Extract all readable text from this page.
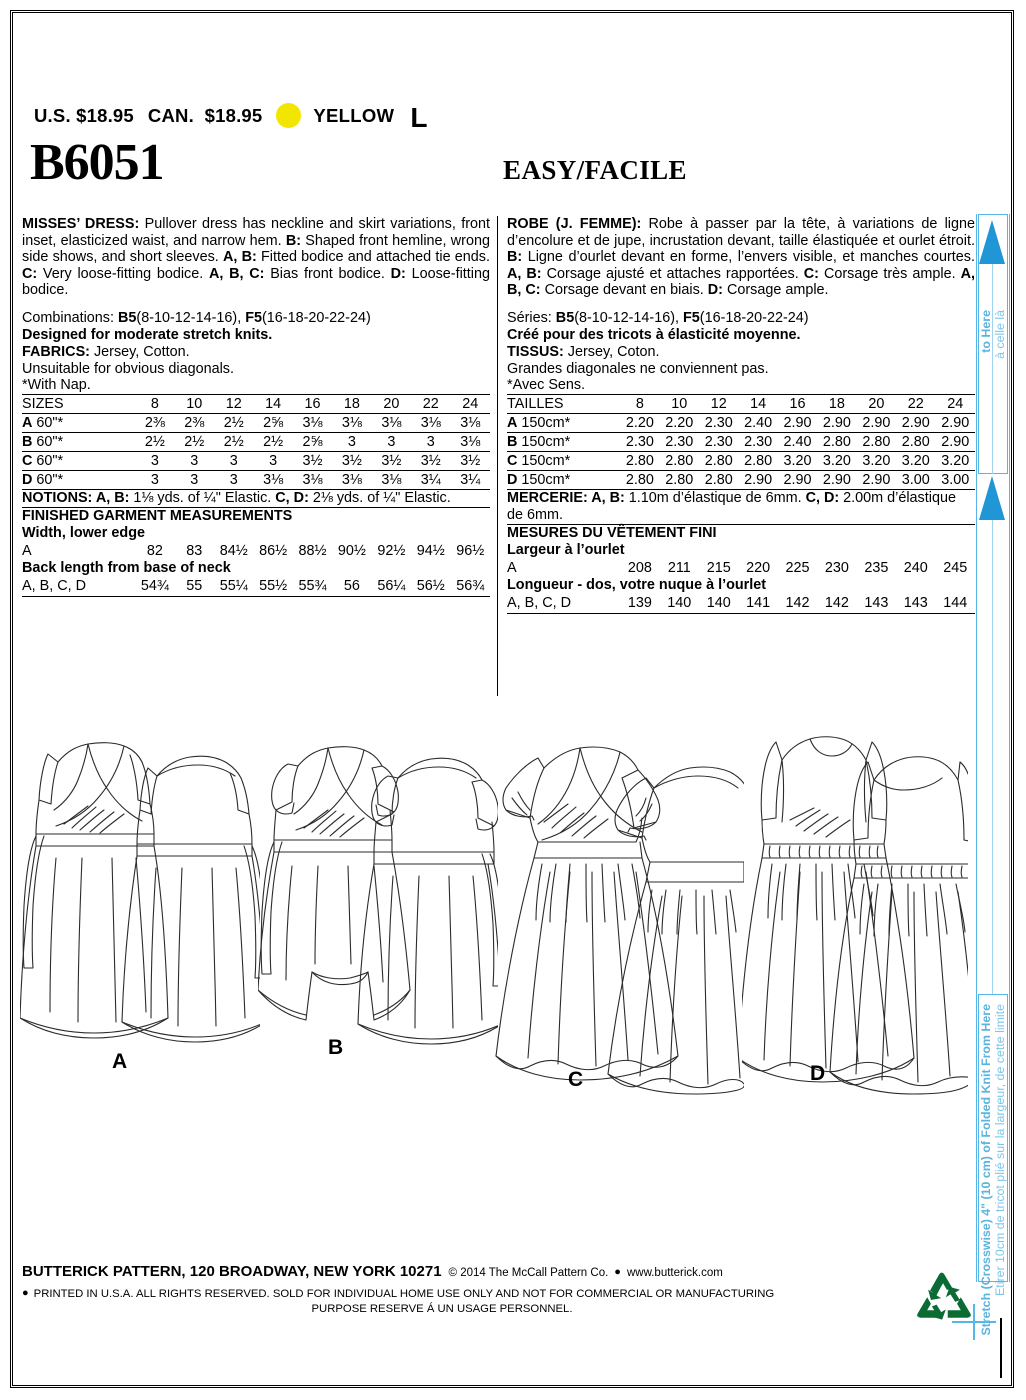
U.S. $18.95 CAN.  $18.95	YELLOW L
B6051	EASY/FACILE
MISSES’ DRESS: Pullover dress has neckline and skirt variations, front inset, elasticized waist, and narrow hem. B: Shaped front hemline, wrong side shows, and short sleeves. A, B: Fitted bodice and attached tie ends. C: Very loose-fitting bodice. A, B, C: Bias front bodice. D: Loose-fitting bodice.
Combinations: B5(8-10-12-14-16), F5(16-18-20-22-24)
Designed for moderate stretch knits.
FABRICS: Jersey, Cotton.
Unsuitable for obvious diagonals.
*With Nap.
SIZES	8	10	12	14	16	18	20	22	24
A 60"*	2⅜	2⅜	2½	2⅝	3⅛	3⅛	3⅛	3⅛	3⅛
B 60"*	2½	2½	2½	2½	2⅝	3	3	3	3⅛
C 60"*	3	3	3	3	3½	3½	3½	3½	3½
D 60"*	3	3	3	3⅛	3⅛	3⅛	3⅛	3¼	3¼
NOTIONS: A, B: 1⅛ yds. of ¼" Elastic. C, D: 2⅛ yds. of ¼" Elastic.
FINISHED GARMENT MEASUREMENTS
Width, lower edge
A	82	83	84½	86½	88½	90½	92½	94½	96½
Back length from base of neck
A, B, C, D	54¾	55	55¼	55½	55¾	56	56¼	56½	56¾

ROBE (J. FEMME): Robe à passer par la tête, à variations de ligne d’encolure et de jupe, incrustation devant, taille élastiquée et ourlet étroit. B: Ligne d’ourlet devant en forme, l’envers visible, et manches courtes. A, B: Corsage ajusté et attaches rapportées. C: Corsage très ample. A, B, C: Corsage devant en biais. D: Corsage ample.
Séries: B5(8-10-12-14-16), F5(16-18-20-22-24)
Créé pour des tricots à élasticité moyenne.
TISSUS: Jersey, Coton.
Grandes diagonales ne conviennent pas.
*Avec Sens.
TAILLES	8	10	12	14	16	18	20	22	24
A 150cm*	2.20	2.20	2.30	2.40	2.90	2.90	2.90	2.90	2.90
B 150cm*	2.30	2.30	2.30	2.30	2.40	2.80	2.80	2.80	2.90
C 150cm*	2.80	2.80	2.80	2.80	3.20	3.20	3.20	3.20	3.20
D 150cm*	2.80	2.80	2.80	2.90	2.90	2.90	2.90	3.00	3.00
MERCERIE: A, B: 1.10m d’élastique de 6mm. C, D: 2.00m d’élastique de 6mm.
MESURES DU VÊTEMENT FINI
Largeur à l’ourlet
A	208	211	215	220	225	230	235	240	245
Longueur - dos, votre nuque à l’ourlet
A, B, C, D	139	140	140	141	142	142	143	143	144

A
B
C	D
to Here à celle là
Stretch (Crosswise) 4" (10 cm) of Folded Knit From Here Etirer 10cm de tricot plié sur la largeur, de cette limite
BUTTERICK PATTERN, 120 BROADWAY, NEW YORK 10271 © 2014 The McCall Pattern Co. ● www.butterick.com
● PRINTED IN U.S.A. ALL RIGHTS RESERVED. SOLD FOR INDIVIDUAL HOME USE ONLY AND NOT FOR COMMERCIAL OR MANUFACTURING
PURPOSE RESERVE Á UN USAGE PERSONNEL.
